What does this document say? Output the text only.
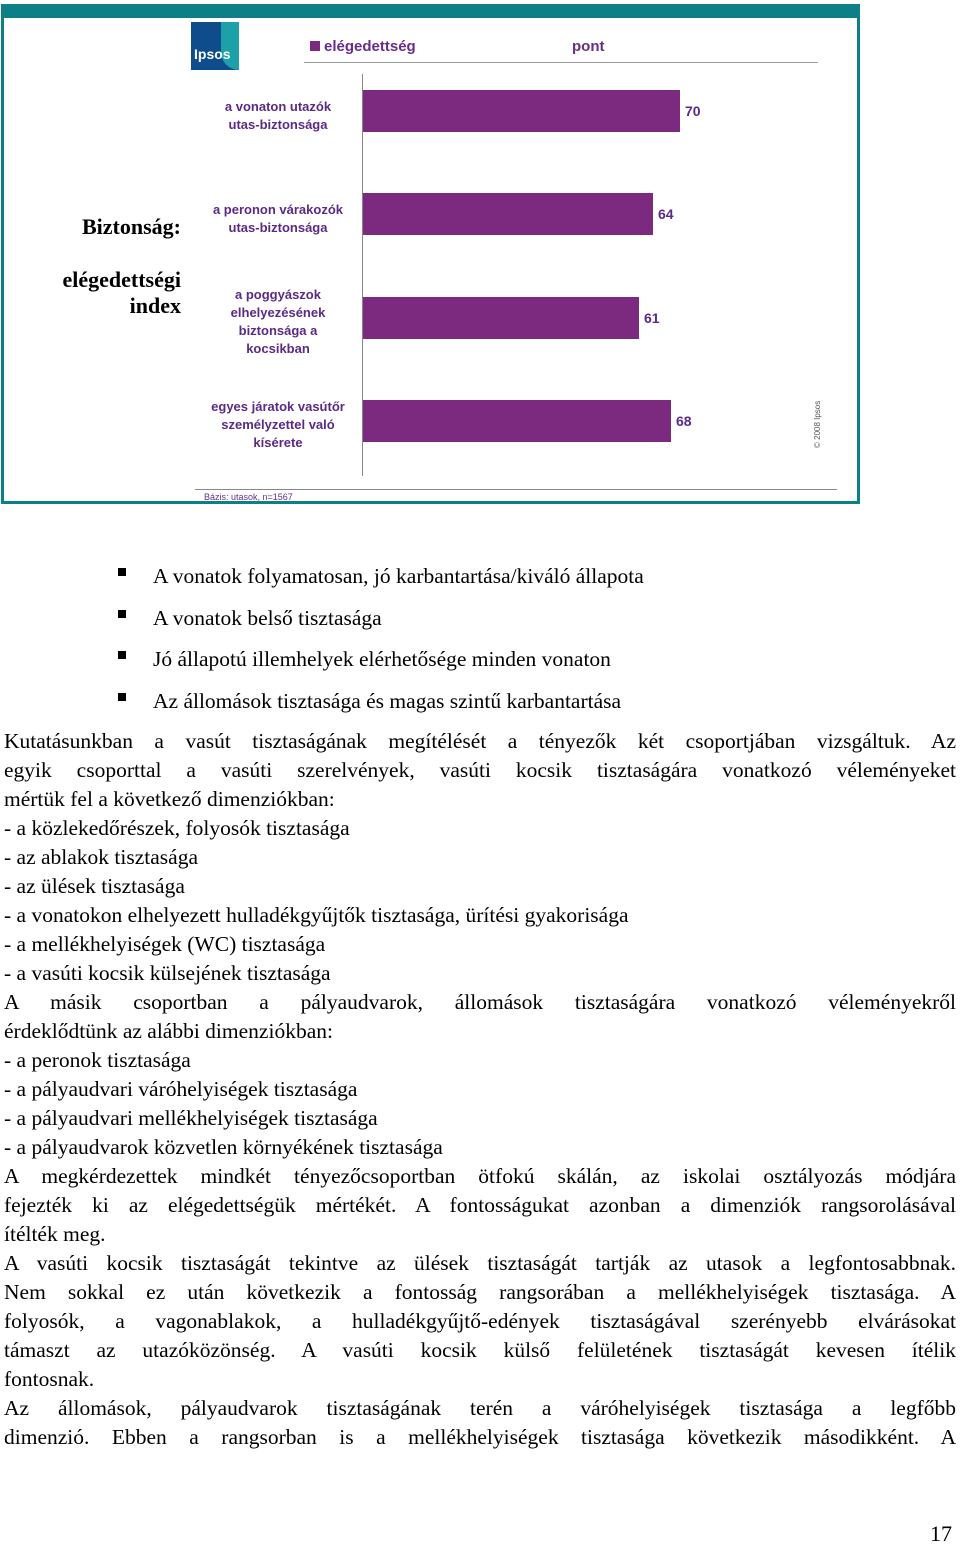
Ipsos	elégedettség	pont
Biztonság:
elégedettségi
index
70
a vonaton utazók
utas-biztonsága
64
a peronon várakozók
utas-biztonsága
61
a poggyászok
elhelyezésének
biztonsága a
kocsikban
68
egyes járatok vasútőr
személyzettel való
kísérete	© 2008 Ipsos
Bázis: utasok, n=1567
A vonatok folyamatosan, jó karbantartása/kiváló állapota
A vonatok belső tisztasága
Jó állapotú illemhelyek elérhetősége minden vonaton
Az állomások tisztasága és magas szintű karbantartása
Kutatásunkban a vasút tisztaságának megítélését a tényezők két csoportjában vizsgáltuk. Az
egyik csoporttal a vasúti szerelvények, vasúti kocsik tisztaságára vonatkozó véleményeket
mértük fel a következő dimenziókban:
- a közlekedőrészek, folyosók tisztasága
- az ablakok tisztasága
- az ülések tisztasága
- a vonatokon elhelyezett hulladékgyűjtők tisztasága, ürítési gyakorisága
- a mellékhelyiségek (WC) tisztasága
- a vasúti kocsik külsejének tisztasága
A másik csoportban a pályaudvarok, állomások tisztaságára vonatkozó véleményekről
érdeklődtünk az alábbi dimenziókban:
- a peronok tisztasága
- a pályaudvari váróhelyiségek tisztasága
- a pályaudvari mellékhelyiségek tisztasága
- a pályaudvarok közvetlen környékének tisztasága
A megkérdezettek mindkét tényezőcsoportban ötfokú skálán, az iskolai osztályozás módjára
fejezték ki az elégedettségük mértékét. A fontosságukat azonban a dimenziók rangsorolásával
ítélték meg.
A vasúti kocsik tisztaságát tekintve az ülések tisztaságát tartják az utasok a legfontosabbnak.
Nem sokkal ez után következik a fontosság rangsorában a mellékhelyiségek tisztasága. A
folyosók, a vagonablakok, a hulladékgyűjtő-edények tisztaságával szerényebb elvárásokat
támaszt az utazóközönség. A vasúti kocsik külső felületének tisztaságát kevesen ítélik
fontosnak.
Az állomások, pályaudvarok tisztaságának terén a váróhelyiségek tisztasága a legfőbb
dimenzió. Ebben a rangsorban is a mellékhelyiségek tisztasága következik másodikként. A
17
